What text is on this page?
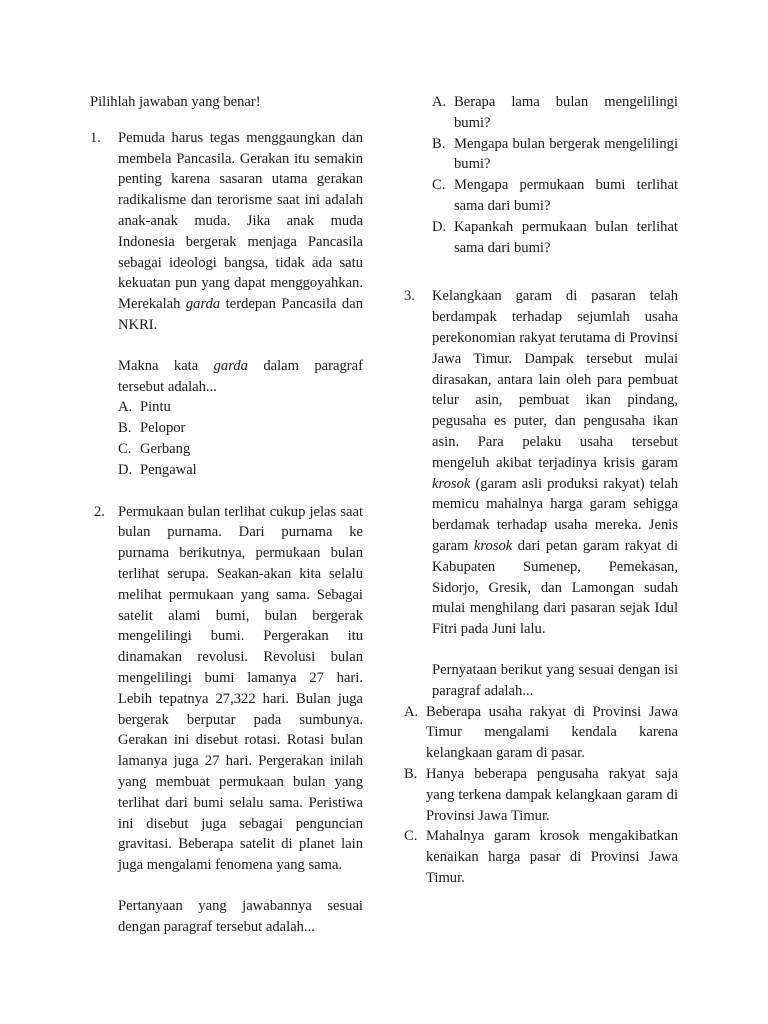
Pilihlah jawaban yang benar!

1.	Pemuda harus tegas menggaungkan dan membela Pancasila. Gerakan itu semakin penting karena sasaran utama gerakan radikalisme dan terorisme saat ini adalah anak-anak muda. Jika anak muda Indonesia bergerak menjaga Pancasila sebagai ideologi bangsa, tidak ada satu kekuatan pun yang dapat menggoyahkan. Merekalah garda terdepan Pancasila dan NKRI.

Makna kata garda dalam paragraf tersebut adalah...

A. Pintu
B. Pelopor
C. Gerbang
D. Pengawal
2. Permukaan bulan terlihat cukup jelas saat bulan purnama. Dari purnama ke purnama berikutnya, permukaan bulan terlihat serupa. Seakan-akan kita selalu melihat permukaan yang sama. Sebagai satelit alami bumi, bulan bergerak mengelilingi bumi. Pergerakan itu dinamakan revolusi. Revolusi bulan mengelilingi bumi lamanya 27 hari. Lebih tepatnya 27,322 hari. Bulan juga bergerak berputar pada sumbunya. Gerakan ini disebut rotasi. Rotasi bulan lamanya juga 27 hari. Pergerakan inilah yang membuat permukaan bulan yang terlihat dari bumi selalu sama. Peristiwa ini disebut juga sebagai penguncian gravitasi. Beberapa satelit di planet lain juga mengalami fenomena yang sama.

Pertanyaan yang jawabannya sesuai dengan paragraf tersebut adalah...

A. Berapa lama bulan mengelilingi bumi?
B. Mengapa bulan bergerak mengelilingi bumi?
C. Mengapa permukaan bumi terlihat sama dari bumi?
D. Kapankah permukaan bulan terlihat sama dari bumi?
3.	Kelangkaan garam di pasaran telah berdampak terhadap sejumlah usaha perekonomian rakyat terutama di Provinsi Jawa Timur. Dampak tersebut mulai dirasakan, antara lain oleh para pembuat telur asin, pembuat ikan pindang, pegusaha es puter, dan pengusaha ikan asin. Para pelaku usaha tersebut mengeluh akibat terjadinya krisis garam krosok (garam asli produksi rakyat) telah memicu mahalnya harga garam sehigga berdamak terhadap usaha mereka. Jenis garam krosok dari petan garam rakyat di Kabupaten Sumenep, Pemekasan, Sidorjo, Gresik, dan Lamongan sudah mulai menghilang dari pasaran sejak Idul Fitri pada Juni lalu.

Pernyataan berikut yang sesuai dengan isi paragraf adalah...

A. Beberapa usaha rakyat di Provinsi Jawa Timur mengalami kendala karena kelangkaan garam di pasar.
B. Hanya beberapa pengusaha rakyat saja yang terkena dampak kelangkaan garam di Provinsi Jawa Timur.
C. Mahalnya garam krosok mengakibatkan kenaikan harga pasar di Provinsi Jawa Timur.
